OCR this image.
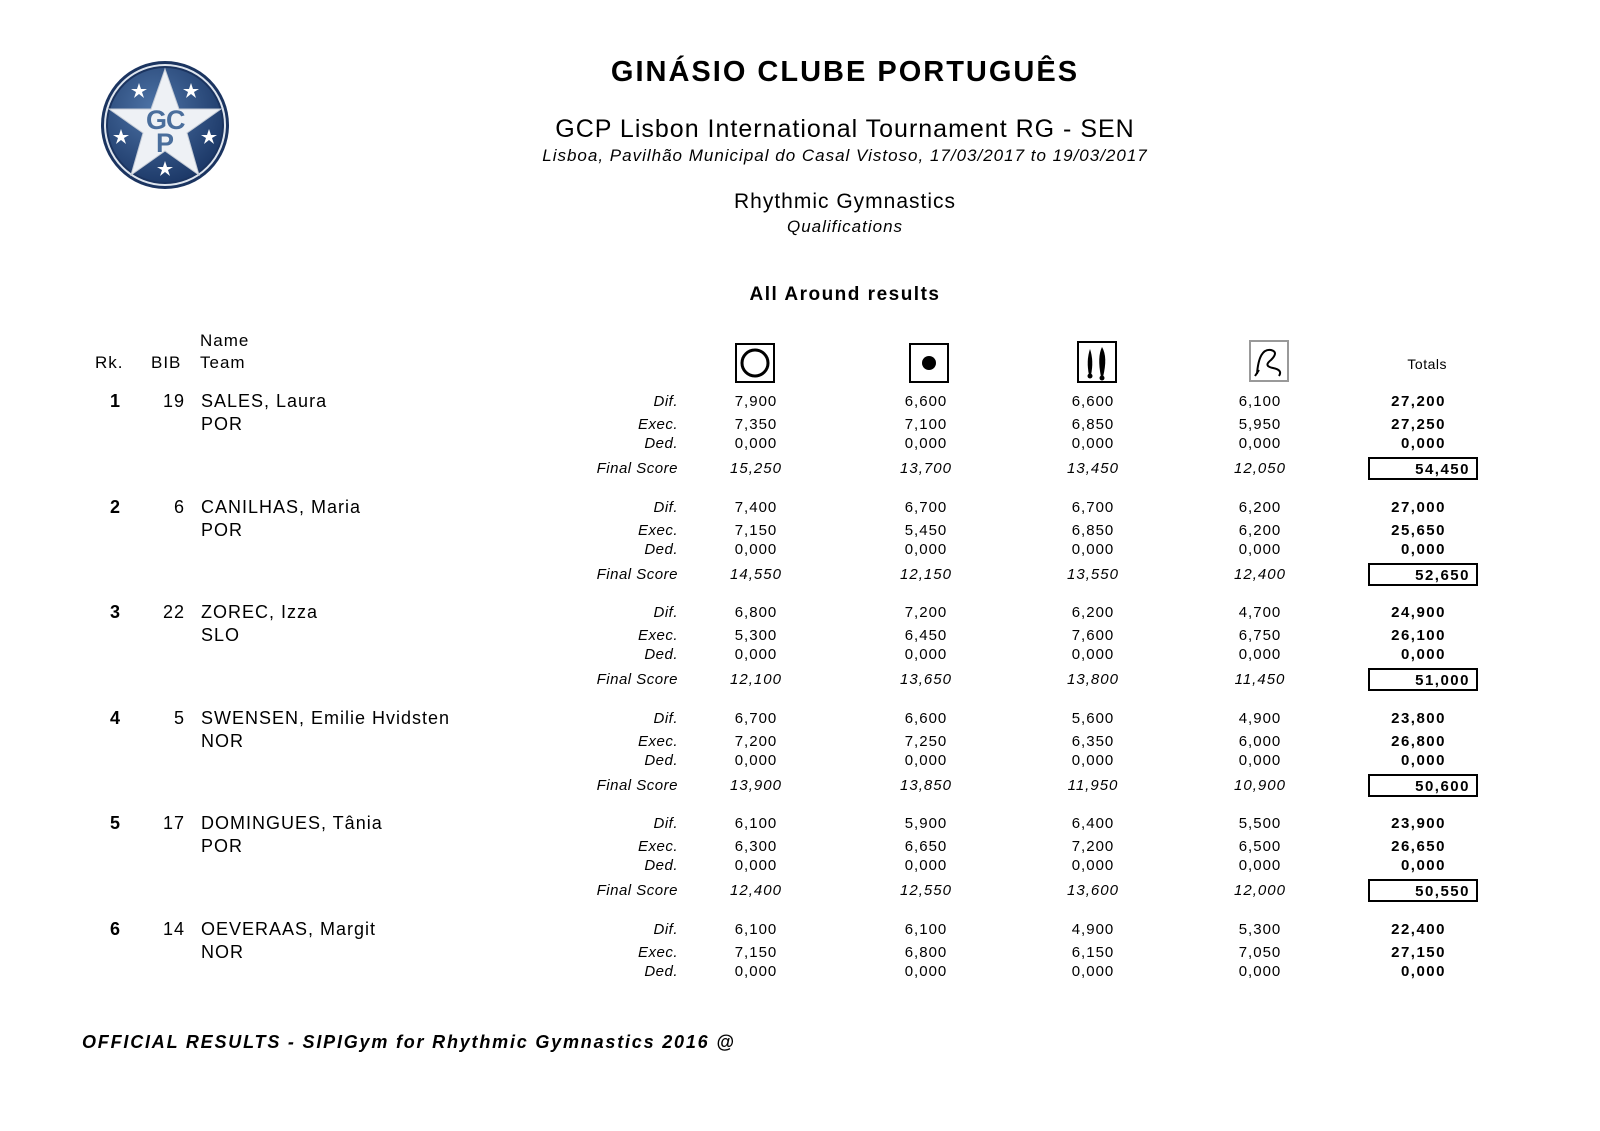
G
C
P
GINÁSIO CLUBE PORTUGUÊS
GCP Lisbon International Tournament RG - SEN
Lisboa, Pavilhão Municipal do Casal Vistoso, 17/03/2017 to 19/03/2017
Rhythmic Gymnastics
Qualifications
All Around results
Rk. BIB
Name
Team	Totals
1 19 SALES, Laura
POR
Dif.	7,900	6,600	6,600	6,100	27,200
Exec.	7,350	7,100	6,850	5,950	27,250
Ded.	0,000	0,000	0,000	0,000	0,000
Final Score	15,250	13,700	13,450	12,050	54,450
2	6 CANILHAS, Maria
POR
Dif.	7,400	6,700	6,700	6,200	27,000
Exec.	7,150	5,450	6,850	6,200	25,650
Ded.	0,000	0,000	0,000	0,000	0,000
Final Score	14,550	12,150	13,550	12,400	52,650
3 22 ZOREC, Izza
SLO
Dif.	6,800	7,200	6,200	4,700	24,900
Exec.	5,300	6,450	7,600	6,750	26,100
Ded.	0,000	0,000	0,000	0,000	0,000
Final Score	12,100	13,650	13,800	11,450	51,000
4	5 SWENSEN, Emilie Hvidsten
NOR
Dif.	6,700	6,600	5,600	4,900	23,800
Exec.	7,200	7,250	6,350	6,000	26,800
Ded.	0,000	0,000	0,000	0,000	0,000
Final Score	13,900	13,850	11,950	10,900	50,600
5 17 DOMINGUES, Tânia
POR
Dif.	6,100	5,900	6,400	5,500	23,900
Exec.	6,300	6,650	7,200	6,500	26,650
Ded.	0,000	0,000	0,000	0,000	0,000
Final Score	12,400	12,550	13,600	12,000	50,550
6 14 OEVERAAS, Margit
NOR
Dif.	6,100	6,100	4,900	5,300	22,400
Exec.	7,150	6,800	6,150	7,050	27,150
Ded.	0,000	0,000	0,000	0,000	0,000
OFFICIAL RESULTS - SIPIGym for Rhythmic Gymnastics 2016 @
